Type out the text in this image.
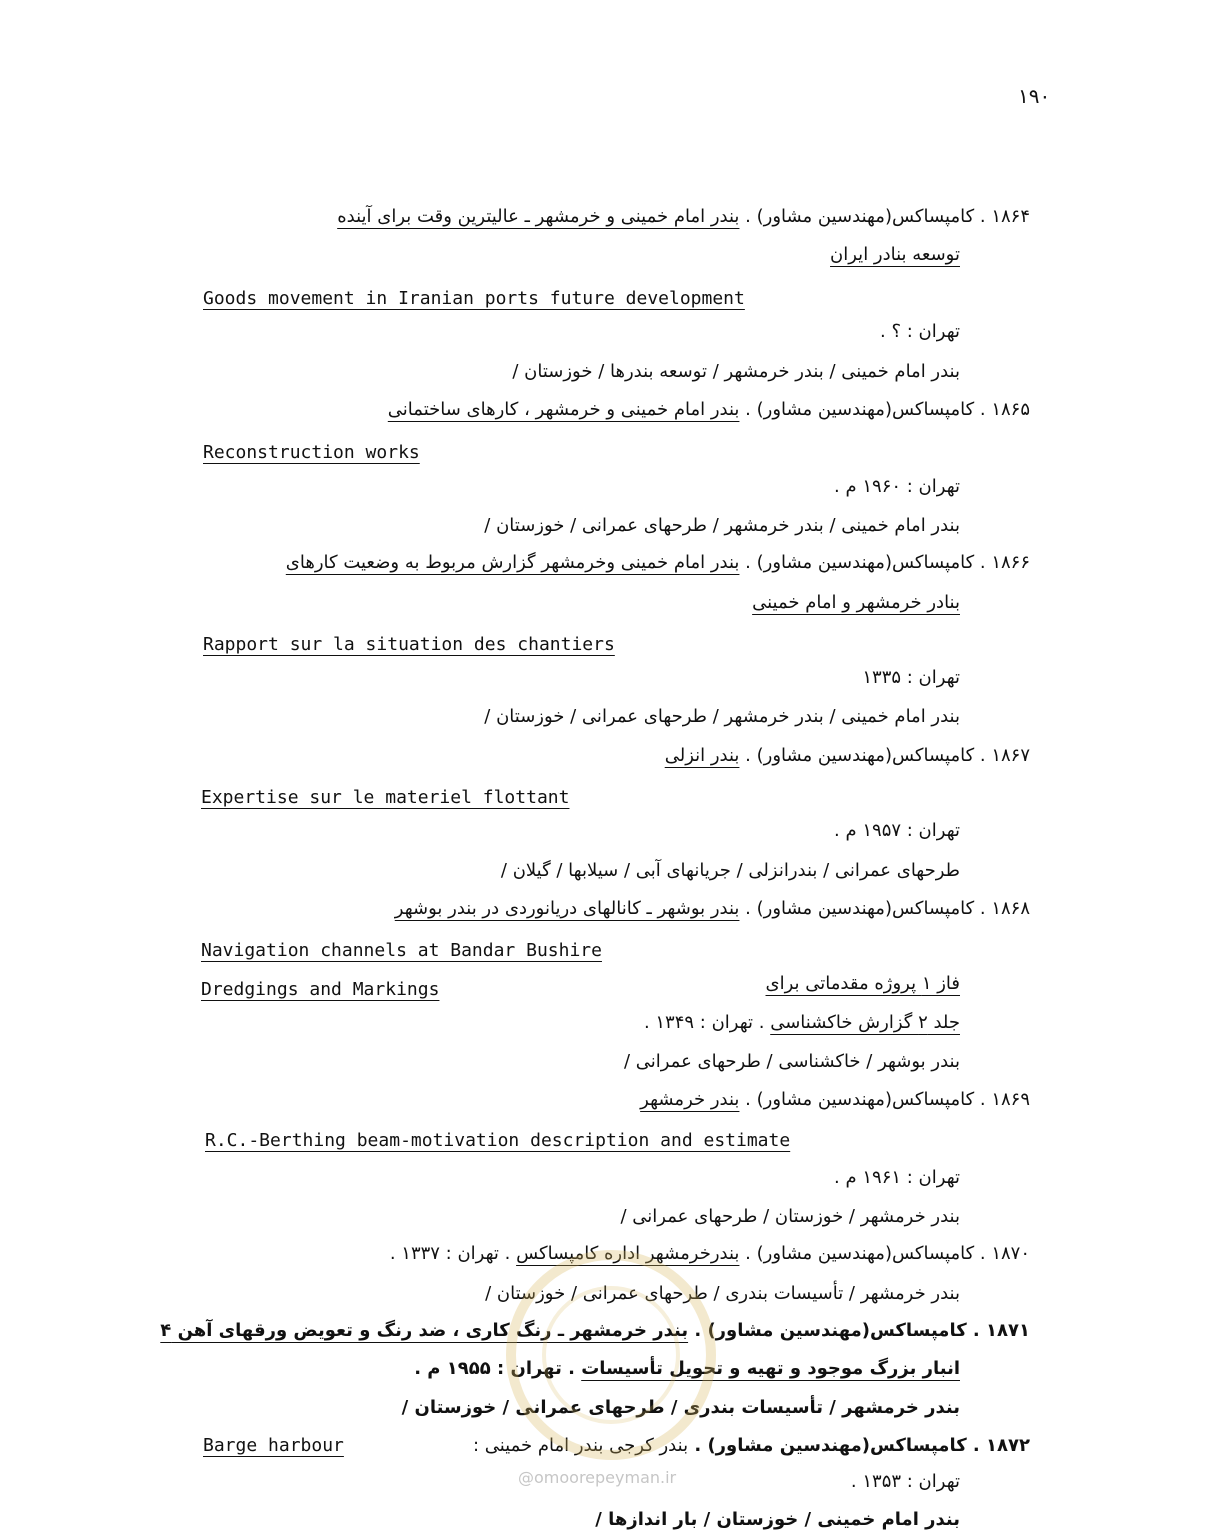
۱۹۰
۱۸۶۴ . کامپساکس(مهندسین مشاور) . بندر امام خمینی و خرمشهر ـ عالیترین وقت برای آینده
توسعه بنادر ایران
Goods movement in Iranian ports future development
تهران : ؟ .
بندر امام خمینی / بندر خرمشهر / توسعه بندرها / خوزستان /
۱۸۶۵ . کامپساکس(مهندسین مشاور) . بندر امام خمینی و خرمشهر ، کارهای ساختمانی
Reconstruction works
تهران : ۱۹۶۰ م .
بندر امام خمینی / بندر خرمشهر / طرحهای عمرانی / خوزستان /
۱۸۶۶ . کامپساکس(مهندسین مشاور) . بندر امام خمینی وخرمشهر گزارش مربوط به وضعیت کارهای
بنادر خرمشهر و امام خمینی
Rapport sur la situation des chantiers
تهران : ۱۳۳۵
بندر امام خمینی / بندر خرمشهر / طرحهای عمرانی / خوزستان /
۱۸۶۷ . کامپساکس(مهندسین مشاور) . بندر انزلی
Expertise sur le materiel flottant
تهران : ۱۹۵۷ م .
طرحهای عمرانی / بندرانزلی / جریانهای آبی / سیلابها / گیلان /
۱۸۶۸ . کامپساکس(مهندسین مشاور) . بندر بوشهر ـ کانالهای دریانوردی در بندر بوشهر
Navigation channels at Bandar Bushire
Dredgings and Markings	فاز ۱ پروژه مقدماتی برای
جلد ۲ گزارش خاکشناسی . تهران : ۱۳۴۹ .
بندر بوشهر / خاکشناسی / طرحهای عمرانی /
۱۸۶۹ . کامپساکس(مهندسین مشاور) . بندر خرمشهر
R.C.-Berthing beam-motivation description and estimate
تهران : ۱۹۶۱ م .
بندر خرمشهر / خوزستان / طرحهای عمرانی /
۱۸۷۰ . کامپساکس(مهندسین مشاور) . بندرخرمشهر اداره کامپساکس . تهران : ۱۳۳۷ .
بندر خرمشهر / تأسیسات بندری / طرحهای عمرانی / خوزستان /
۱۸۷۱ . کامپساکس(مهندسین مشاور) . بندر خرمشهر ـ رنگ کاری ، ضد رنگ و تعویض ورقهای آهن ۴
انبار بزرگ موجود و تهیه و تحویل تأسیسات . تهران : ۱۹۵۵ م .
بندر خرمشهر / تأسیسات بندری / طرحهای عمرانی / خوزستان /
۱۸۷۲ . کامپساکس(مهندسین مشاور) . بندر کرجی بندر امام خمینی :
Barge harbour
تهران : ۱۳۵۳ .
بندر امام خمینی / خوزستان / بار اندازها /
@omoorepeyman.ir
